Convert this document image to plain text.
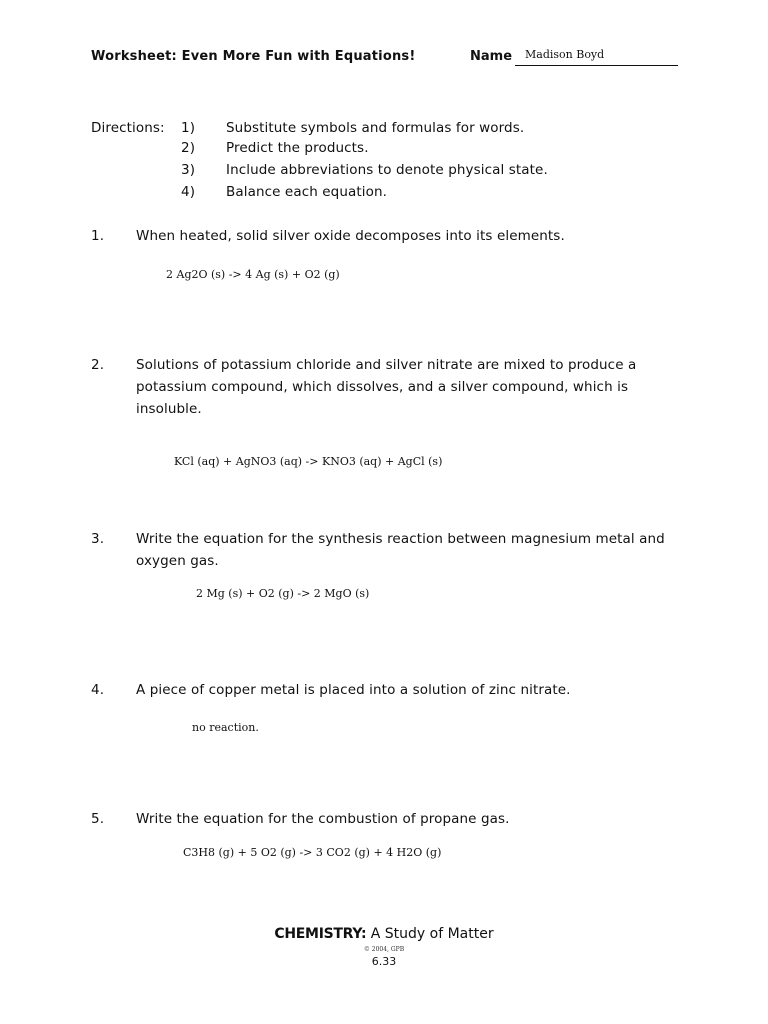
Worksheet: Even More Fun with Equations!	Name Madison Boyd
Directions: 1) Substitute symbols and formulas for words.
2) Predict the products.
3) Include abbreviations to denote physical state.
4) Balance each equation.
1. When heated, solid silver oxide decomposes into its elements.
2 Ag2O (s) -> 4 Ag (s) + O2 (g)
2. Solutions of potassium chloride and silver nitrate are mixed to produce a potassium compound, which dissolves, and a silver compound, which is insoluble.
KCl (aq) + AgNO3 (aq) -> KNO3 (aq) + AgCl (s)
3. Write the equation for the synthesis reaction between magnesium metal and oxygen gas.
2 Mg (s) + O2 (g) -> 2 MgO (s)
4. A piece of copper metal is placed into a solution of zinc nitrate.
no reaction.
5. Write the equation for the combustion of propane gas.
C3H8 (g) + 5 O2 (g) -> 3 CO2 (g) + 4 H2O (g)
CHEMISTRY: A Study of Matter
© 2004, GPB
6.33
